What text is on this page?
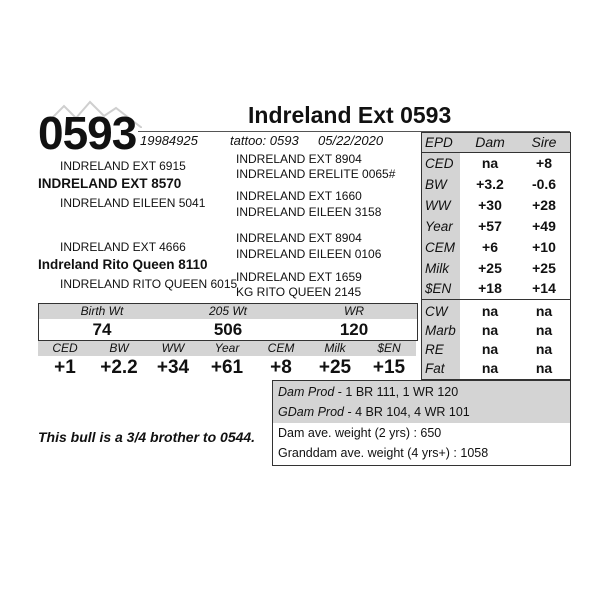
0593	Indreland Ext 0593
19984925 tattoo: 0593 05/22/2020
INDRELAND EXT 6915
INDRELAND EXT 8570
INDRELAND EILEEN 5041
INDRELAND EXT 8904
INDRELAND ERELITE 0065#
INDRELAND EXT 1660
INDRELAND EILEEN 3158
INDRELAND EXT 4666
Indreland Rito Queen 8110
INDRELAND RITO QUEEN 6015
INDRELAND EXT 8904
INDRELAND EILEEN 0106
INDRELAND EXT 1659
KG RITO QUEEN 2145
Birth Wt	205 Wt	WR
74	506	120
CED	BW	WW	Year	CEM	Milk	$EN
+1	+2.2	+34	+61	+8	+25	+15
EPD	Dam	Sire
CED	na	+8
BW	+3.2	-0.6
WW	+30	+28
Year	+57	+49
CEM	+6	+10
Milk	+25	+25
$EN	+18	+14
CW	na	na
Marb	na	na
RE	na	na
Fat	na	na
Dam Prod - 1 BR 111, 1 WR 120
GDam Prod - 4 BR 104, 4 WR 101
Dam ave. weight (2 yrs) : 650
Granddam ave. weight (4 yrs+) : 1058
This bull is a 3/4 brother to 0544.
